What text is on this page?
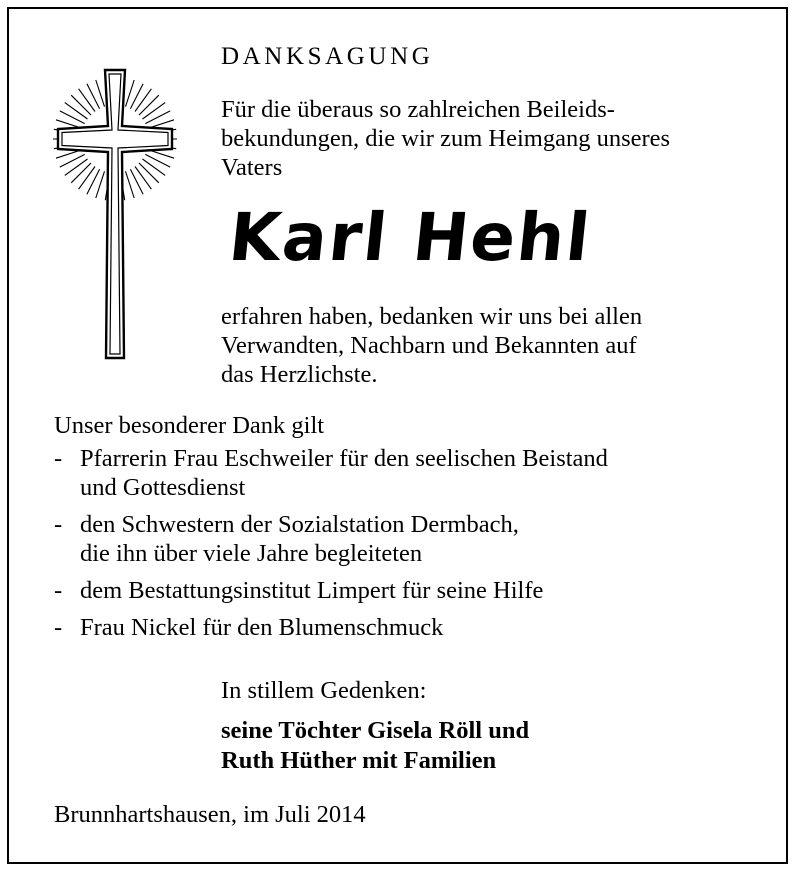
DANKSAGUNG
Für die überaus so zahlreichen Beileids-
bekundungen, die wir zum Heimgang unseres
Vaters
Karl Hehl
erfahren haben, bedanken wir uns bei allen
Verwandten, Nachbarn und Bekannten auf
das Herzlichste.
Unser besonderer Dank gilt
- Pfarrerin Frau Eschweiler für den seelischen Beistand
und Gottesdienst
- den Schwestern der Sozialstation Dermbach,
die ihn über viele Jahre begleiteten
- dem Bestattungsinstitut Limpert für seine Hilfe
- Frau Nickel für den Blumenschmuck
In stillem Gedenken:
seine Töchter Gisela Röll und
Ruth Hüther mit Familien
Brunnhartshausen, im Juli 2014
